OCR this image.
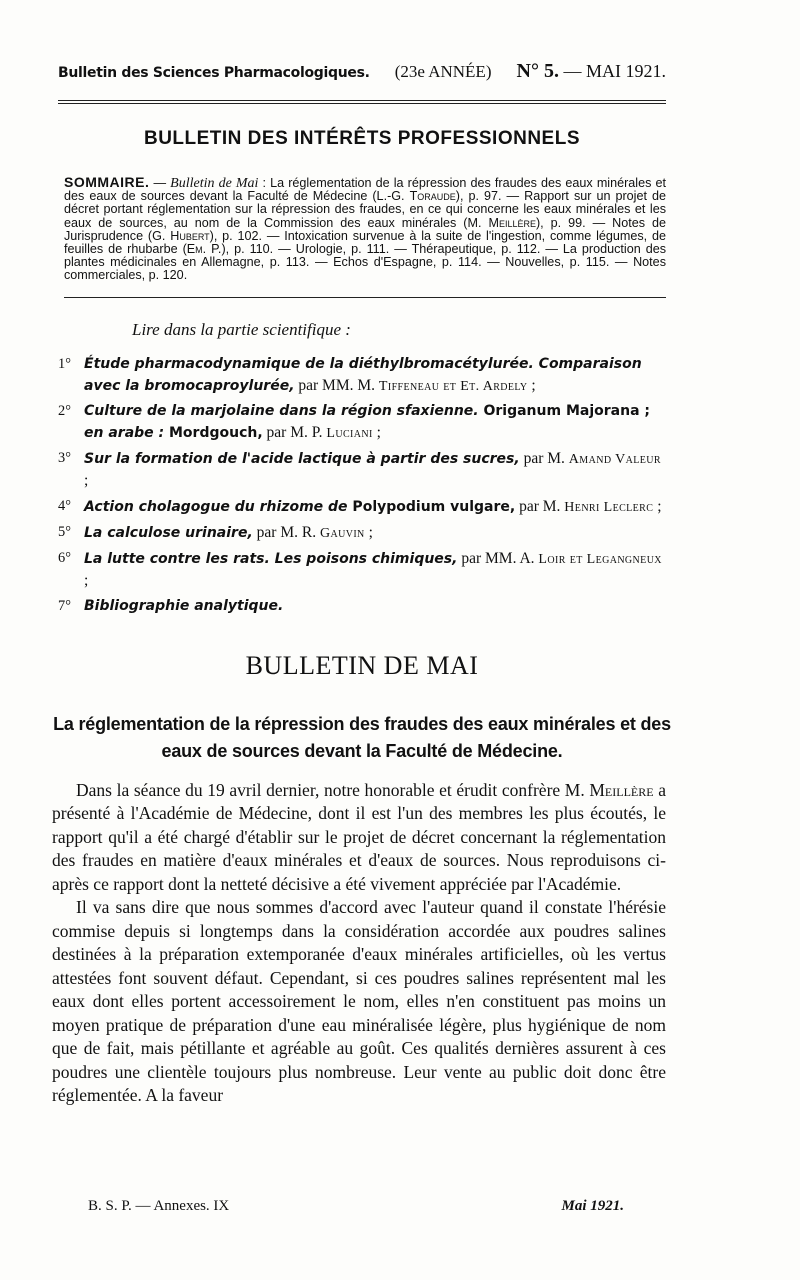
Bulletin des Sciences Pharmacologiques. (23e ANNÉE) N° 5. — MAI 1921.
BULLETIN DES INTÉRÊTS PROFESSIONNELS
SOMMAIRE. — Bulletin de Mai : La réglementation de la répression des fraudes des eaux minérales et des eaux de sources devant la Faculté de Médecine (L.-G. Toraude), p. 97. — Rapport sur un projet de décret portant réglementation sur la répression des fraudes, en ce qui concerne les eaux minérales et les eaux de sources, au nom de la Commission des eaux minérales (M. Meillère), p. 99. — Notes de Jurisprudence (G. Hubert), p. 102. — Intoxication survenue à la suite de l'ingestion, comme légumes, de feuilles de rhubarbe (Em. P.), p. 110. — Urologie, p. 111. — Thérapeutique, p. 112. — La production des plantes médicinales en Allemagne, p. 113. — Echos d'Espagne, p. 114. — Nouvelles, p. 115. — Notes commerciales, p. 120.
Lire dans la partie scientifique :
1° Étude pharmacodynamique de la diéthylbromacétylurée. Comparaison avec la bromocaproylurée, par MM. M. Tiffeneau et Et. Ardely ;
2° Culture de la marjolaine dans la région sfaxienne. Origanum Majorana ; en arabe : Mordgouch, par M. P. Luciani ;
3° Sur la formation de l'acide lactique à partir des sucres, par M. Amand Valeur ;
4° Action cholagogue du rhizome de Polypodium vulgare, par M. Henri Leclerc ;
5° La calculose urinaire, par M. R. Gauvin ;
6° La lutte contre les rats. Les poisons chimiques, par MM. A. Loir et Legangneux ;
7° Bibliographie analytique.
BULLETIN DE MAI
La réglementation de la répression des fraudes des eaux minérales et des eaux de sources devant la Faculté de Médecine.

Dans la séance du 19 avril dernier, notre honorable et érudit confrère M. Meillère a présenté à l'Académie de Médecine, dont il est l'un des membres les plus écoutés, le rapport qu'il a été chargé d'établir sur le projet de décret concernant la réglementation des fraudes en matière d'eaux minérales et d'eaux de sources. Nous reproduisons ci-après ce rapport dont la netteté décisive a été vivement appréciée par l'Académie.

Il va sans dire que nous sommes d'accord avec l'auteur quand il constate l'hérésie commise depuis si longtemps dans la considération accordée aux poudres salines destinées à la préparation extemporanée d'eaux minérales artificielles, où les vertus attestées font souvent défaut. Cependant, si ces poudres salines représentent mal les eaux dont elles portent accessoirement le nom, elles n'en constituent pas moins un moyen pratique de préparation d'une eau minéralisée légère, plus hygiénique de nom que de fait, mais pétillante et agréable au goût. Ces qualités dernières assurent à ces poudres une clientèle toujours plus nombreuse. Leur vente au public doit donc être réglementée. A la faveur

B. S. P. — Annexes. IX	Mai 1921.
